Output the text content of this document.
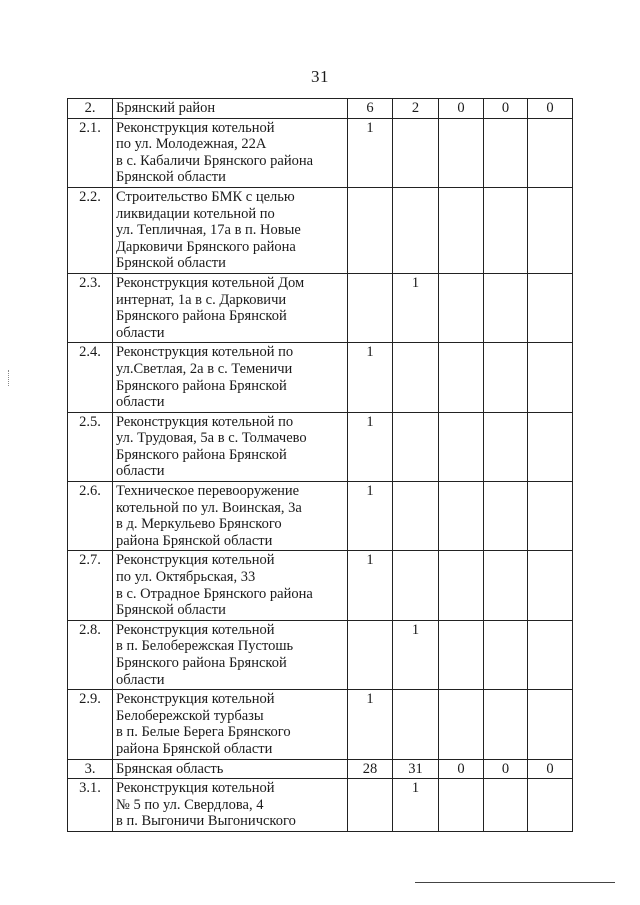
31
2.	Брянский район	6	2	0	0	0
2.1.	Реконструкция котельной
по ул. Молодежная, 22А
в с. Кабаличи Брянского района
Брянской области	1				
2.2.	Строительство БМК с целью
ликвидации котельной по
ул. Тепличная, 17а в п. Новые
Дарковичи Брянского района
Брянской области					

2.3.	Реконструкция котельной Дом
интернат, 1а в с. Дарковичи
Брянского района Брянской
области		1			
2.4.	Реконструкция котельной по
ул.Светлая, 2а в с. Теменичи
Брянского района Брянской
области	1				
2.5.	Реконструкция котельной по
ул. Трудовая, 5а в с. Толмачево
Брянского района Брянской
области	1				
2.6.	Техническое перевооружение
котельной по ул. Воинская, 3а
в д. Меркульево Брянского
района Брянской области	1				
2.7.	Реконструкция котельной
по ул. Октябрьская, 33
в с. Отрадное Брянского района
Брянской области	1				
2.8.	Реконструкция котельной
в п. Белобережская Пустошь
Брянского района Брянской
области		1			
2.9.	Реконструкция котельной
Белобережской турбазы
в п. Белые Берега Брянского
района Брянской области	1				
3.	Брянская область	28	31	0	0	0
3.1.	Реконструкция котельной
№ 5 по ул. Свердлова, 4
в п. Выгоничи Выгоничского		1			
